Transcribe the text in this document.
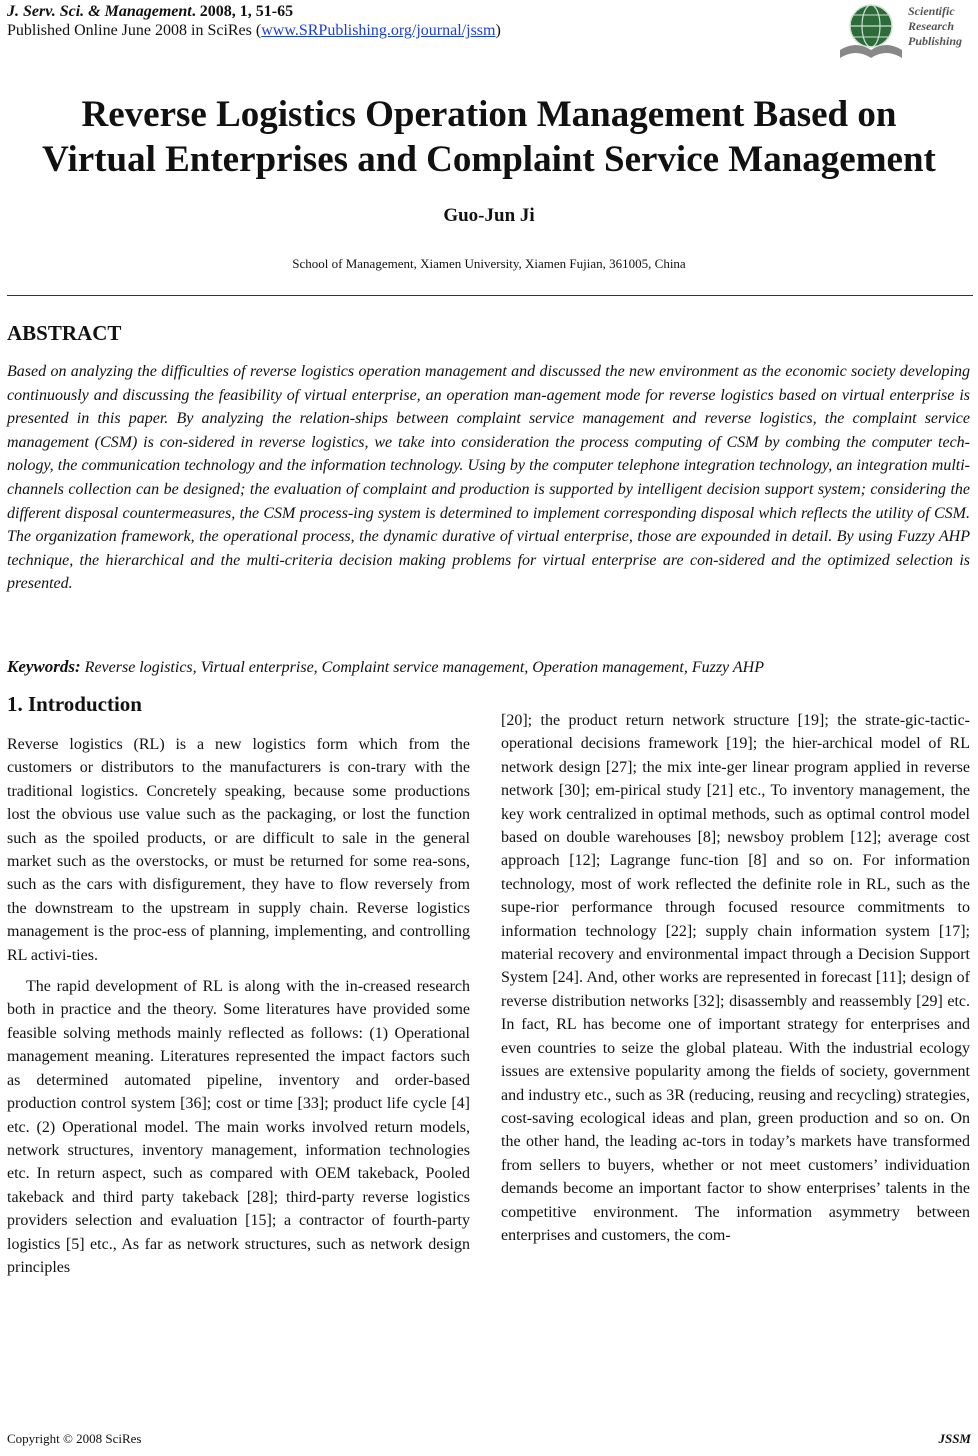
J. Serv. Sci. & Management. 2008, 1, 51-65
Published Online June 2008 in SciRes (www.SRPublishing.org/journal/jssm)
Scientific
Research
Publishing
Reverse Logistics Operation Management Based on
Virtual Enterprises and Complaint Service Management
Guo-Jun Ji
School of Management, Xiamen University, Xiamen Fujian, 361005, China
ABSTRACT
Based on analyzing the difficulties of reverse logistics operation management and discussed the new environment as the economic society developing continuously and discussing the feasibility of virtual enterprise, an operation man-agement mode for reverse logistics based on virtual enterprise is presented in this paper. By analyzing the relation-ships between complaint service management and reverse logistics, the complaint service management (CSM) is con-sidered in reverse logistics, we take into consideration the process computing of CSM by combing the computer tech-nology, the communication technology and the information technology. Using by the computer telephone integration technology, an integration multi-channels collection can be designed; the evaluation of complaint and production is supported by intelligent decision support system; considering the different disposal countermeasures, the CSM process-ing system is determined to implement corresponding disposal which reflects the utility of CSM. The organization framework, the operational process, the dynamic durative of virtual enterprise, those are expounded in detail. By using Fuzzy AHP technique, the hierarchical and the multi-criteria decision making problems for virtual enterprise are con-sidered and the optimized selection is presented.
Keywords: Reverse logistics, Virtual enterprise, Complaint service management, Operation management, Fuzzy AHP
1. Introduction

Reverse logistics (RL) is a new logistics form which from the customers or distributors to the manufacturers is con-trary with the traditional logistics. Concretely speaking, because some productions lost the obvious use value such as the packaging, or lost the function such as the spoiled products, or are difficult to sale in the general market such as the overstocks, or must be returned for some rea-sons, such as the cars with disfigurement, they have to flow reversely from the downstream to the upstream in supply chain. Reverse logistics management is the proc-ess of planning, implementing, and controlling RL activi-ties.

The rapid development of RL is along with the in-creased research both in practice and the theory. Some literatures have provided some feasible solving methods mainly reflected as follows: (1) Operational management meaning. Literatures represented the impact factors such as determined automated pipeline, inventory and order-based production control system [36]; cost or time [33]; product life cycle [4] etc. (2) Operational model. The main works involved return models, network structures, inventory management, information technologies etc. In return aspect, such as compared with OEM takeback, Pooled takeback and third party takeback [28]; third-party reverse logistics providers selection and evaluation [15]; a contractor of fourth-party logistics [5] etc., As far as network structures, such as network design principles

[20]; the product return network structure [19]; the strate-gic-tactic-operational decisions framework [19]; the hier-archical model of RL network design [27]; the mix inte-ger linear program applied in reverse network [30]; em-pirical study [21] etc., To inventory management, the key work centralized in optimal methods, such as optimal control model based on double warehouses [8]; newsboy problem [12]; average cost approach [12]; Lagrange func-tion [8] and so on. For information technology, most of work reflected the definite role in RL, such as the supe-rior performance through focused resource commitments to information technology [22]; supply chain information system [17]; material recovery and environmental impact through a Decision Support System [24]. And, other works are represented in forecast [11]; design of reverse distribution networks [32]; disassembly and reassembly [29] etc. In fact, RL has become one of important strategy for enterprises and even countries to seize the global plateau. With the industrial ecology issues are extensive popularity among the fields of society, government and industry etc., such as 3R (reducing, reusing and recycling) strategies, cost-saving ecological ideas and plan, green production and so on. On the other hand, the leading ac-tors in today’s markets have transformed from sellers to buyers, whether or not meet customers’ individuation demands become an important factor to show enterprises’ talents in the competitive environment. The information asymmetry between enterprises and customers, the com-

Copyright © 2008 SciRes	JSSM
